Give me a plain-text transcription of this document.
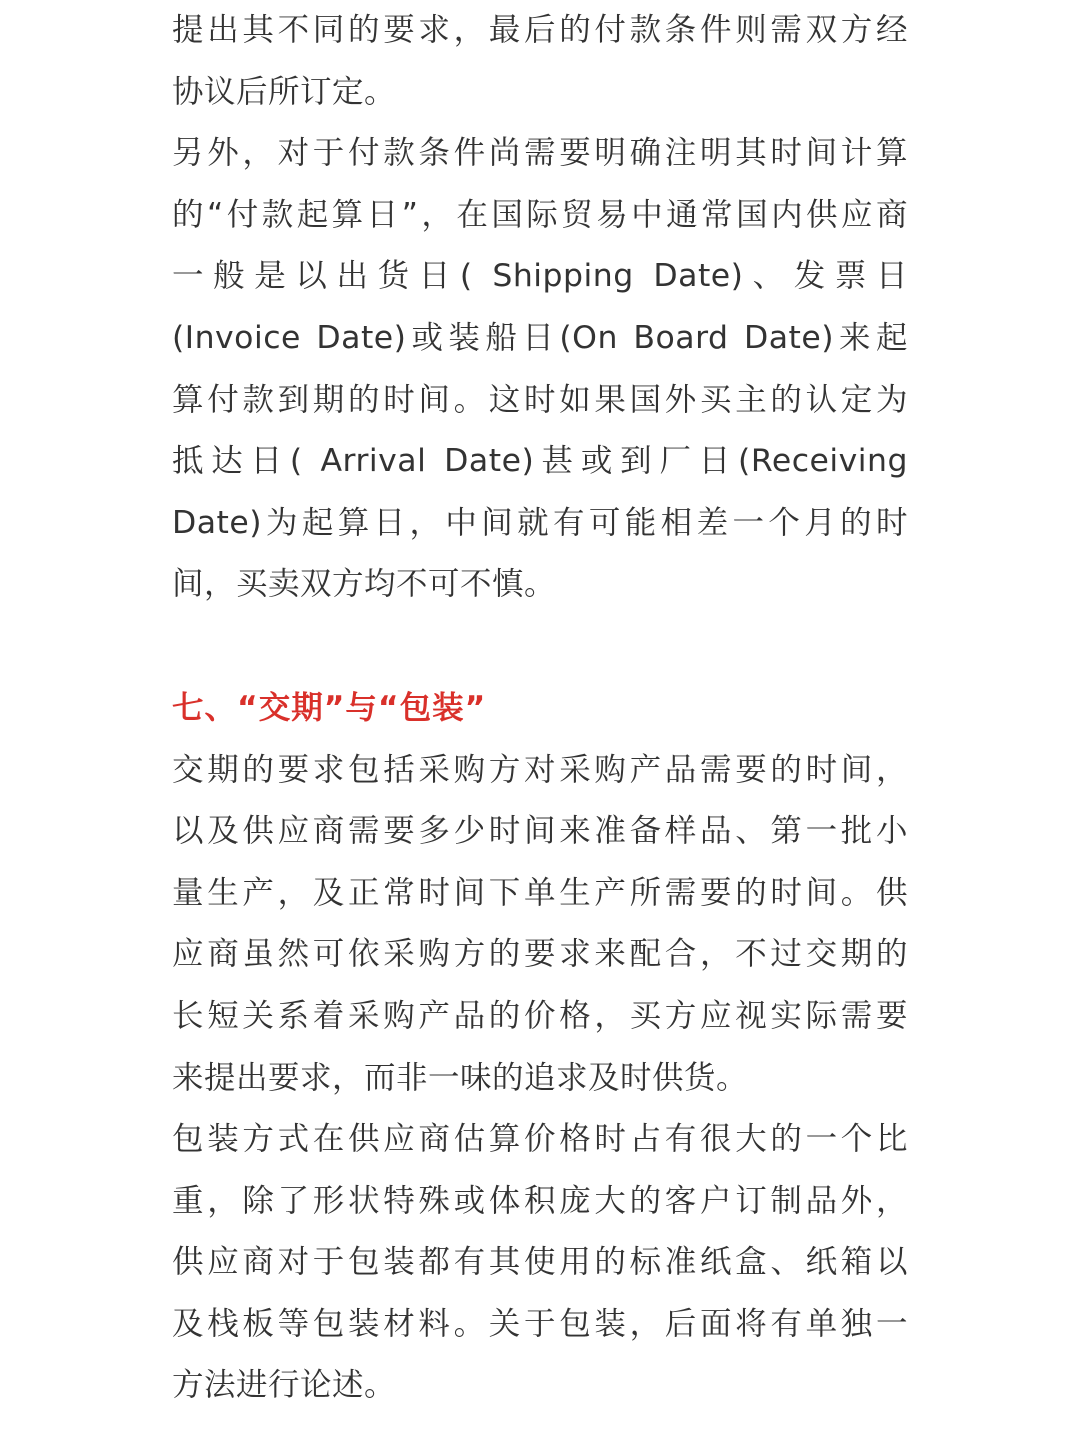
提出其不同的要求，最后的付款条件则需双方经
协议后所订定。
另外，对于付款条件尚需要明确注明其时间计算
的“付款起算日”，在国际贸易中通常国内供应商
一般是以出货日( Shipping Date)、发票日
(Invoice Date)或装船日(On Board Date)来起
算付款到期的时间。这时如果国外买主的认定为
抵达日( Arrival Date)甚或到厂日(Receiving
Date)为起算日，中间就有可能相差一个月的时
间，买卖双方均不可不慎。
七、“交期”与“包装”
交期的要求包括采购方对采购产品需要的时间，
以及供应商需要多少时间来准备样品、第一批小
量生产，及正常时间下单生产所需要的时间。供
应商虽然可依采购方的要求来配合，不过交期的
长短关系着采购产品的价格，买方应视实际需要
来提出要求，而非一味的追求及时供货。
包装方式在供应商估算价格时占有很大的一个比
重，除了形状特殊或体积庞大的客户订制品外，
供应商对于包装都有其使用的标准纸盒、纸箱以
及栈板等包装材料。关于包装，后面将有单独一
方法进行论述。
